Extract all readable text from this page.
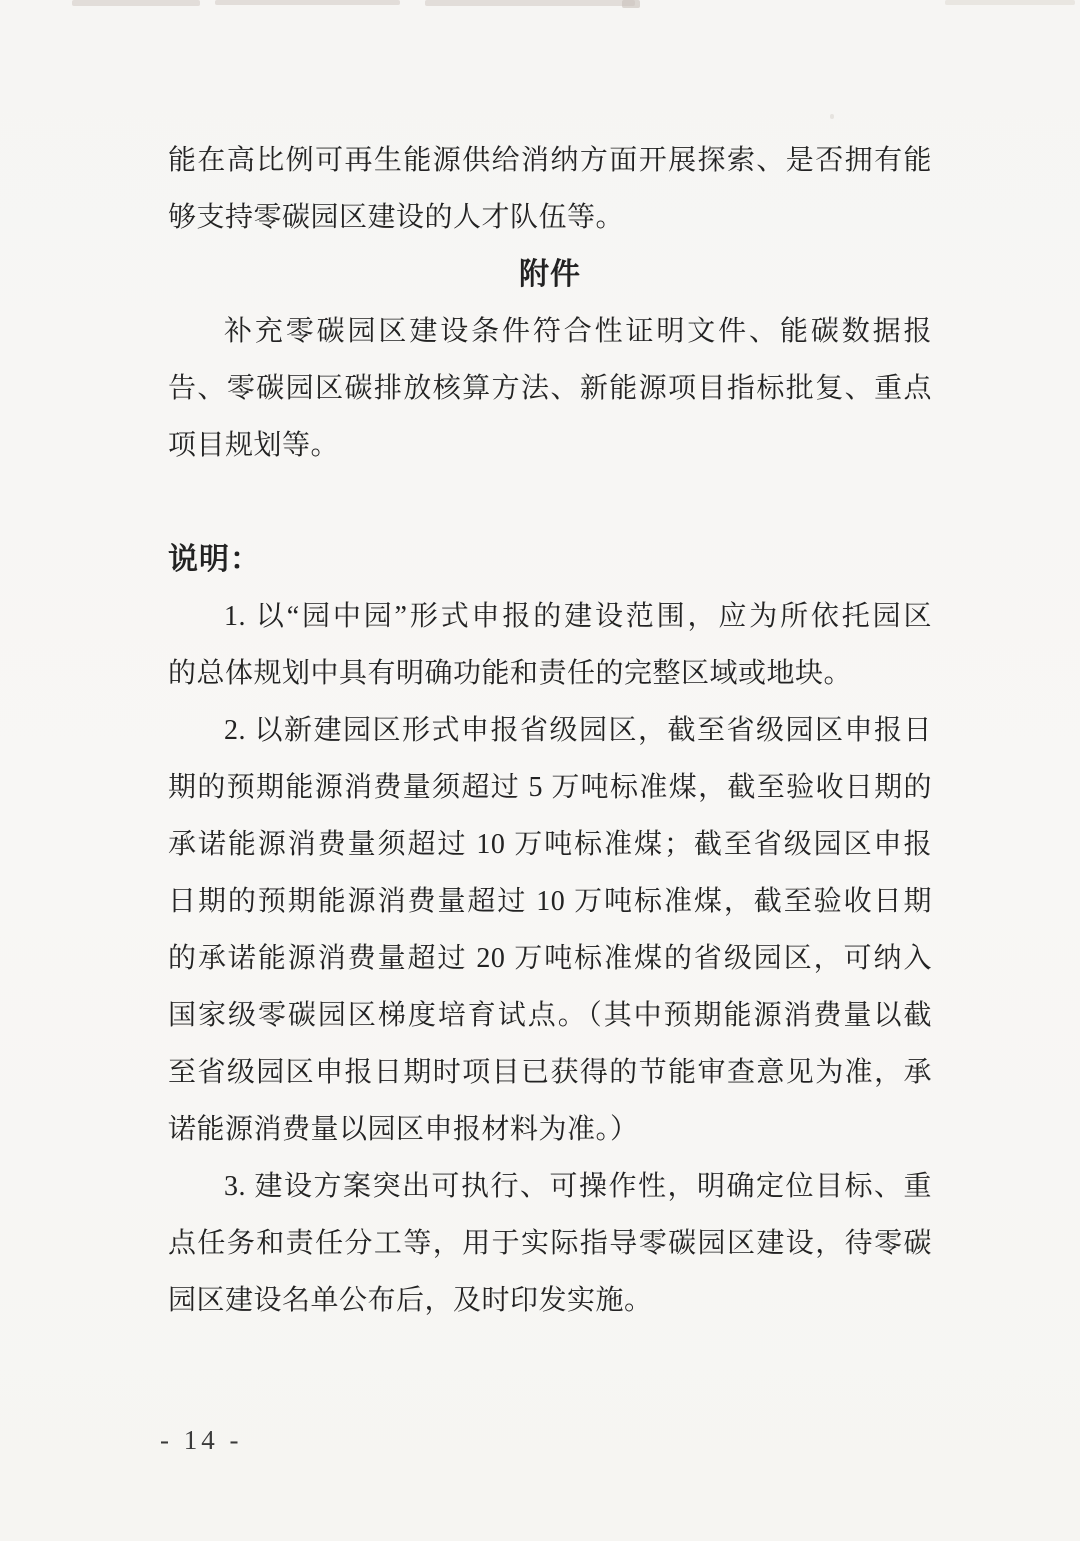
能在高比例可再生能源供给消纳方面开展探索、是否拥有能
够支持零碳园区建设的人才队伍等。
附件
补充零碳园区建设条件符合性证明文件、能碳数据报
告、零碳园区碳排放核算方法、新能源项目指标批复、重点
项目规划等。
说明：
1. 以“园中园”形式申报的建设范围，应为所依托园区
的总体规划中具有明确功能和责任的完整区域或地块。
2. 以新建园区形式申报省级园区，截至省级园区申报日
期的预期能源消费量须超过 5 万吨标准煤，截至验收日期的
承诺能源消费量须超过 10 万吨标准煤；截至省级园区申报
日期的预期能源消费量超过 10 万吨标准煤，截至验收日期
的承诺能源消费量超过 20 万吨标准煤的省级园区，可纳入
国家级零碳园区梯度培育试点。（其中预期能源消费量以截
至省级园区申报日期时项目已获得的节能审查意见为准，承
诺能源消费量以园区申报材料为准。）
3. 建设方案突出可执行、可操作性，明确定位目标、重
点任务和责任分工等，用于实际指导零碳园区建设，待零碳
园区建设名单公布后，及时印发实施。
- 14 -
